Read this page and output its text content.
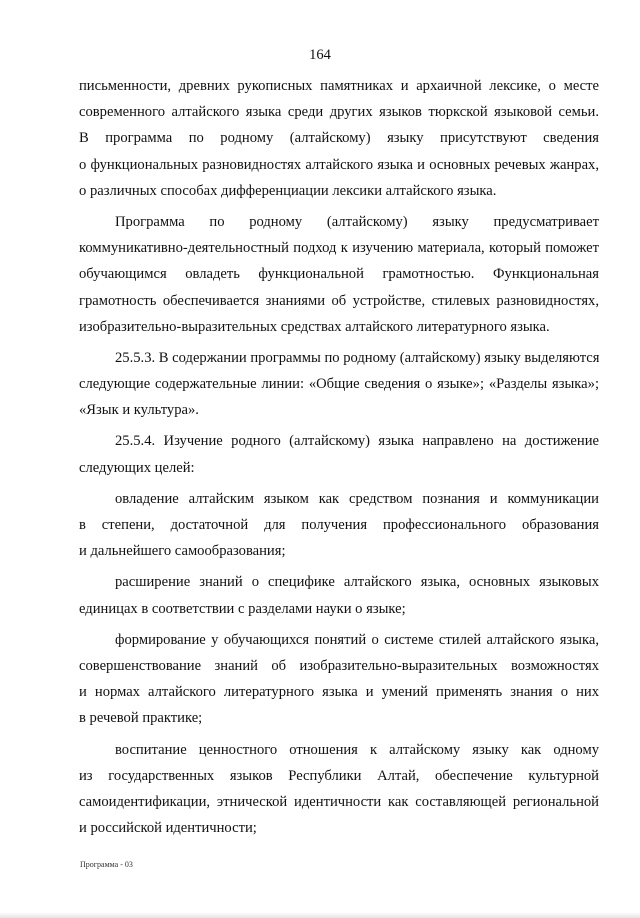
164
письменности, древних рукописных памятниках и архаичной лексике, о месте
современного алтайского языка среди других языков тюркской языковой семьи.
В программа по родному (алтайскому) языку присутствуют сведения
о функциональных разновидностях алтайского языка и основных речевых жанрах,
о различных способах дифференциации лексики алтайского языка.
Программа по родному (алтайскому) языку предусматривает
коммуникативно-деятельностный подход к изучению материала, который поможет
обучающимся овладеть функциональной грамотностью. Функциональная
грамотность обеспечивается знаниями об устройстве, стилевых разновидностях,
изобразительно-выразительных средствах алтайского литературного языка.
25.5.3. В содержании программы по родному (алтайскому) языку выделяются
следующие содержательные линии: «Общие сведения о языке»; «Разделы языка»;
«Язык и культура».
25.5.4. Изучение родного (алтайскому) языка направлено на достижение
следующих целей:
овладение алтайским языком как средством познания и коммуникации
в степени, достаточной для получения профессионального образования
и дальнейшего самообразования;
расширение знаний о специфике алтайского языка, основных языковых
единицах в соответствии с разделами науки о языке;
формирование у обучающихся понятий о системе стилей алтайского языка,
совершенствование знаний об изобразительно-выразительных возможностях
и нормах алтайского литературного языка и умений применять знания о них
в речевой практике;
воспитание ценностного отношения к алтайскому языку как одному
из государственных языков Республики Алтай, обеспечение культурной
самоидентификации, этнической идентичности как составляющей региональной
и российской идентичности;
Программа - 03
